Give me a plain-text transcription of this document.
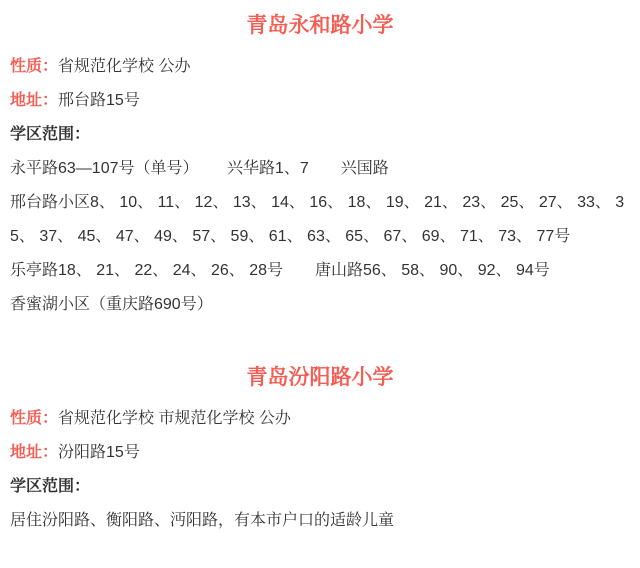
青岛永和路小学

性质：省规范化学校 公办

地址：邢台路15号

学区范围：

永平路63—107号（单号）　　 兴华路1、7　　兴国路

邢台路小区8、 10、 11、 12、 13、 14、 16、 18、 19、 21、 23、 25、 27、 33、 35、 37、 45、 47、 49、 57、 59、 61、 63、 65、 67、 69、 71、 73、 77号

乐亭路18、 21、 22、 24、 26、 28号　　唐山路56、 58、 90、 92、 94号

香蜜湖小区（重庆路690号）

青岛汾阳路小学

性质：省规范化学校 市规范化学校 公办

地址：汾阳路15号

学区范围：

居住汾阳路、衡阳路、沔阳路，有本市户口的适龄儿童
